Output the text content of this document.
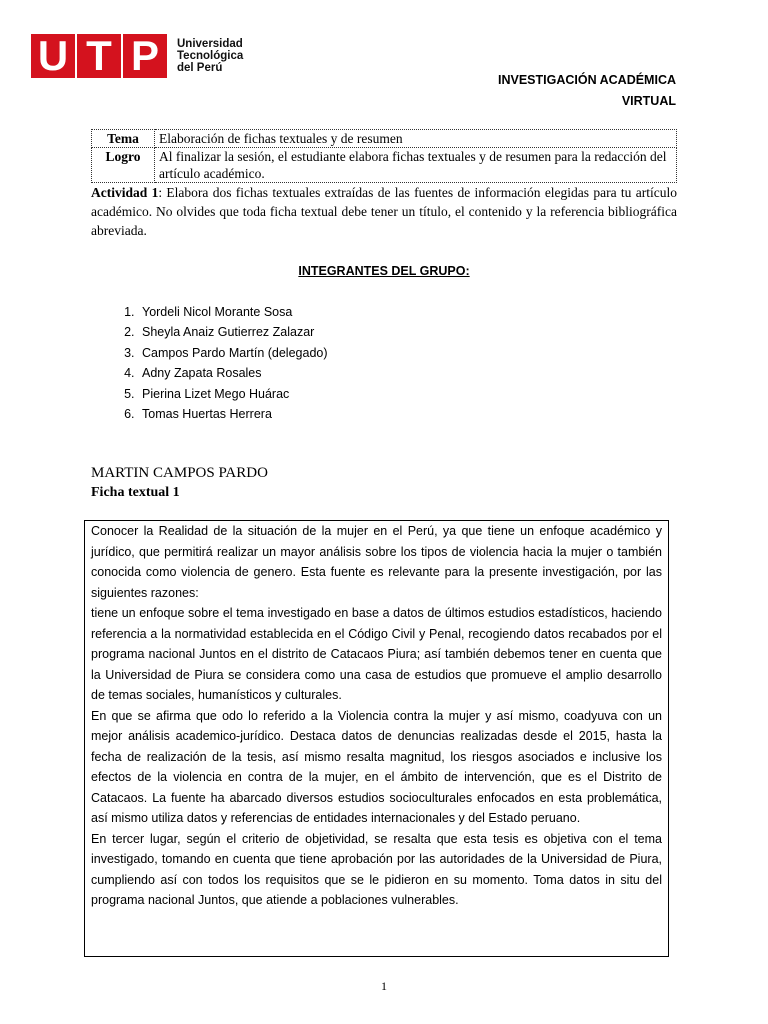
U T P	Universidad
Tecnológica
del Perú
INVESTIGACIÓN ACADÉMICA
VIRTUAL
Tema	Elaboración de fichas textuales y de resumen
Logro	Al finalizar la sesión, el estudiante elabora fichas textuales y de resumen para la redacción del artículo académico.
Actividad 1: Elabora dos fichas textuales extraídas de las fuentes de información elegidas para tu artículo académico. No olvides que toda ficha textual debe tener un título, el contenido y la referencia bibliográfica abreviada.
INTEGRANTES DEL GRUPO:
1. Yordeli Nicol Morante Sosa
2. Sheyla Anaiz Gutierrez Zalazar
3. Campos Pardo Martín (delegado)
4. Adny Zapata Rosales
5. Pierina Lizet Mego Huárac
6. Tomas Huertas Herrera
MARTIN CAMPOS PARDO
Ficha textual 1

Conocer la Realidad de la situación de la mujer en el Perú, ya que tiene un enfoque académico y jurídico, que permitirá realizar un mayor análisis sobre los tipos de violencia hacia la mujer o también conocida como violencia de genero. Esta fuente es relevante para la presente investigación, por las siguientes razones:

tiene un enfoque sobre el tema investigado en base a datos de últimos estudios estadísticos, haciendo referencia a la normatividad establecida en el Código Civil y Penal, recogiendo datos recabados por el programa nacional Juntos en el distrito de Catacaos Piura; así también debemos tener en cuenta que la Universidad de Piura se considera como una casa de estudios que promueve el amplio desarrollo de temas sociales, humanísticos y culturales.

En que se afirma que odo lo referido a la Violencia contra la mujer y así mismo, coadyuva con un mejor análisis academico-jurídico. Destaca datos de denuncias realizadas desde el 2015, hasta la fecha de realización de la tesis, así mismo resalta magnitud, los riesgos asociados e inclusive los efectos de la violencia en contra de la mujer, en el ámbito de intervención, que es el Distrito de Catacaos. La fuente ha abarcado diversos estudios socioculturales enfocados en esta problemática, así mismo utiliza datos y referencias de entidades internacionales y del Estado peruano.

En tercer lugar, según el criterio de objetividad, se resalta que esta tesis es objetiva con el tema investigado, tomando en cuenta que tiene aprobación por las autoridades de la Universidad de Piura, cumpliendo así con todos los requisitos que se le pidieron en su momento. Toma datos in situ del programa nacional Juntos, que atiende a poblaciones vulnerables.

1
